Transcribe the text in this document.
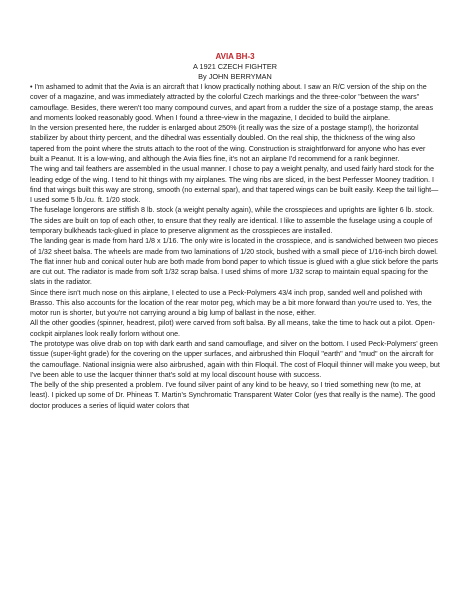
AVIA BH-3

A 1921 CZECH FIGHTER

By JOHN BERRYMAN

• I'm ashamed to admit that the Avia is an aircraft that I know practically nothing about. I saw an R/C version of the ship on the cover of a magazine, and was immediately attracted by the colorful Czech markings and the three-color "between the wars" camouflage. Besides, there weren't too many compound curves, and apart from a rudder the size of a postage stamp, the areas and moments looked reasonably good. When I found a three-view in the magazine, I decided to build the airplane.

In the version presented here, the rudder is enlarged about 250% (it really was the size of a postage stamp!), the horizontal stabilizer by about thirty percent, and the dihedral was essentially doubled. On the real ship, the thickness of the wing also tapered from the point where the struts attach to the root of the wing. Construction is straightforward for anyone who has ever built a Peanut. It is a low-wing, and although the Avia flies fine, it's not an airplane I'd recommend for a rank beginner.

The wing and tail feathers are assembled in the usual manner. I chose to pay a weight penalty, and used fairly hard stock for the leading edge of the wing. I tend to hit things with my airplanes. The wing ribs are sliced, in the best Perfesser Mooney tradition. I find that wings built this way are strong, smooth (no external spar), and that tapered wings can be built easily. Keep the tail light—I used some 5 lb./cu. ft. 1/20 stock.

The fuselage longerons are stiffish 8 lb. stock (a weight penalty again), while the crosspieces and uprights are lighter 6 lb. stock. The sides are built on top of each other, to ensure that they really are identical. I like to assemble the fuselage using a couple of temporary bulkheads tack-glued in place to preserve alignment as the crosspieces are installed.

The landing gear is made from hard 1/8 x 1/16. The only wire is located in the crosspiece, and is sandwiched between two pieces of 1/32 sheet balsa. The wheels are made from two laminations of 1/20 stock, bushed with a small piece of 1/16-inch birch dowel. The flat inner hub and conical outer hub are both made from bond paper to which tissue is glued with a glue stick before the parts are cut out. The radiator is made from soft 1/32 scrap balsa. I used shims of more 1/32 scrap to maintain equal spacing for the slats in the radiator.

Since there isn't much nose on this airplane, I elected to use a Peck-Polymers 43/4 inch prop, sanded well and polished with Brasso. This also accounts for the location of the rear motor peg, which may be a bit more forward than you're used to. Yes, the motor run is shorter, but you're not carrying around a big lump of ballast in the nose, either.

All the other goodies (spinner, headrest, pilot) were carved from soft balsa. By all means, take the time to hack out a pilot. Open-cockpit airplanes look really forlorn without one.

The prototype was olive drab on top with dark earth and sand camouflage, and silver on the bottom. I used Peck-Polymers' green tissue (super-light grade) for the covering on the upper surfaces, and airbrushed thin Floquil "earth" and "mud" on the aircraft for the camouflage. National insignia were also airbrushed, again with thin Floquil. The cost of Floquil thinner will make you weep, but I've been able to use the lacquer thinner that's sold at my local discount house with success.

The belly of the ship presented a problem. I've found silver paint of any kind to be heavy, so I tried something new (to me, at least). I picked up some of Dr. Phineas T. Martin's Synchromatic Transparent Water Color (yes that really is the name). The good doctor produces a series of liquid water colors that
